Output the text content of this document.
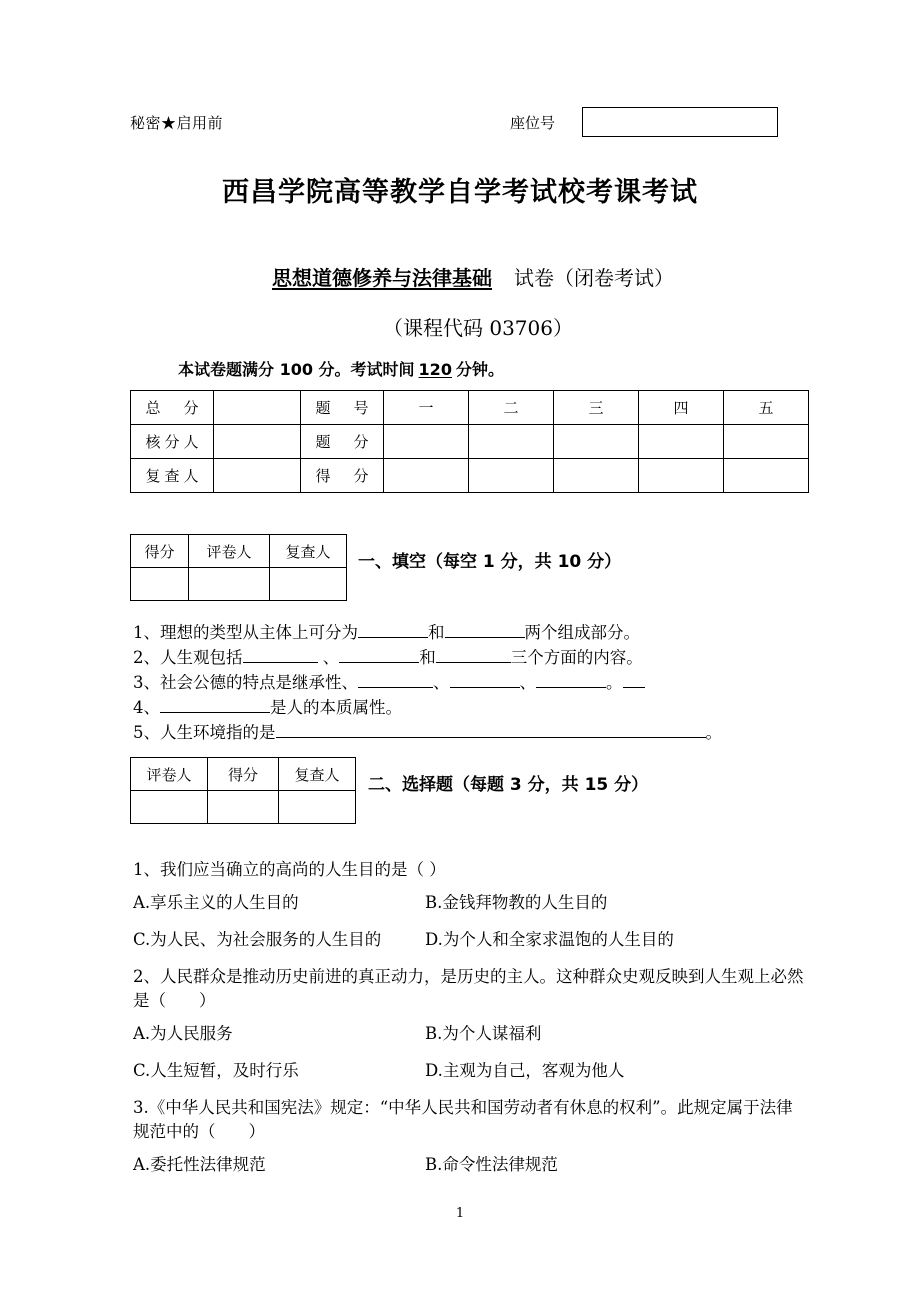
秘密★启用前	座位号
西昌学院高等教学自学考试校考课考试
思想道德修养与法律基础 试卷（闭卷考试）
（课程代码 03706）
本试卷题满分 100 分。考试时间 120 分钟。
总　分		题　号	一	二	三	四	五
核分人		题　分					
复查人		得　分					
得分	评卷人	复查人

一、填空（每空 1 分，共 10 分）
1、理想的类型从主体上可分为	和	两个组成部分。
2、人生观包括	、	和	三个方面的内容。
3、社会公德的特点是继承性、	、	、	。
4、	是人的本质属性。
5、人生环境指的是	。
评卷人	得分	复查人

二、选择题（每题 3 分，共 15 分）
1、我们应当确立的高尚的人生目的是（ ）
A.享乐主义的人生目的	B.金钱拜物教的人生目的
C.为人民、为社会服务的人生目的	D.为个人和全家求温饱的人生目的
2、人民群众是推动历史前进的真正动力，是历史的主人。这种群众史观反映到人生观上必然是（　　）
A.为人民服务	B.为个人谋福利
C.人生短暂，及时行乐	D.主观为自己，客观为他人
3.《中华人民共和国宪法》规定：“中华人民共和国劳动者有休息的权利”。此规定属于法律规范中的（　　）
A.委托性法律规范	B.命令性法律规范
1
